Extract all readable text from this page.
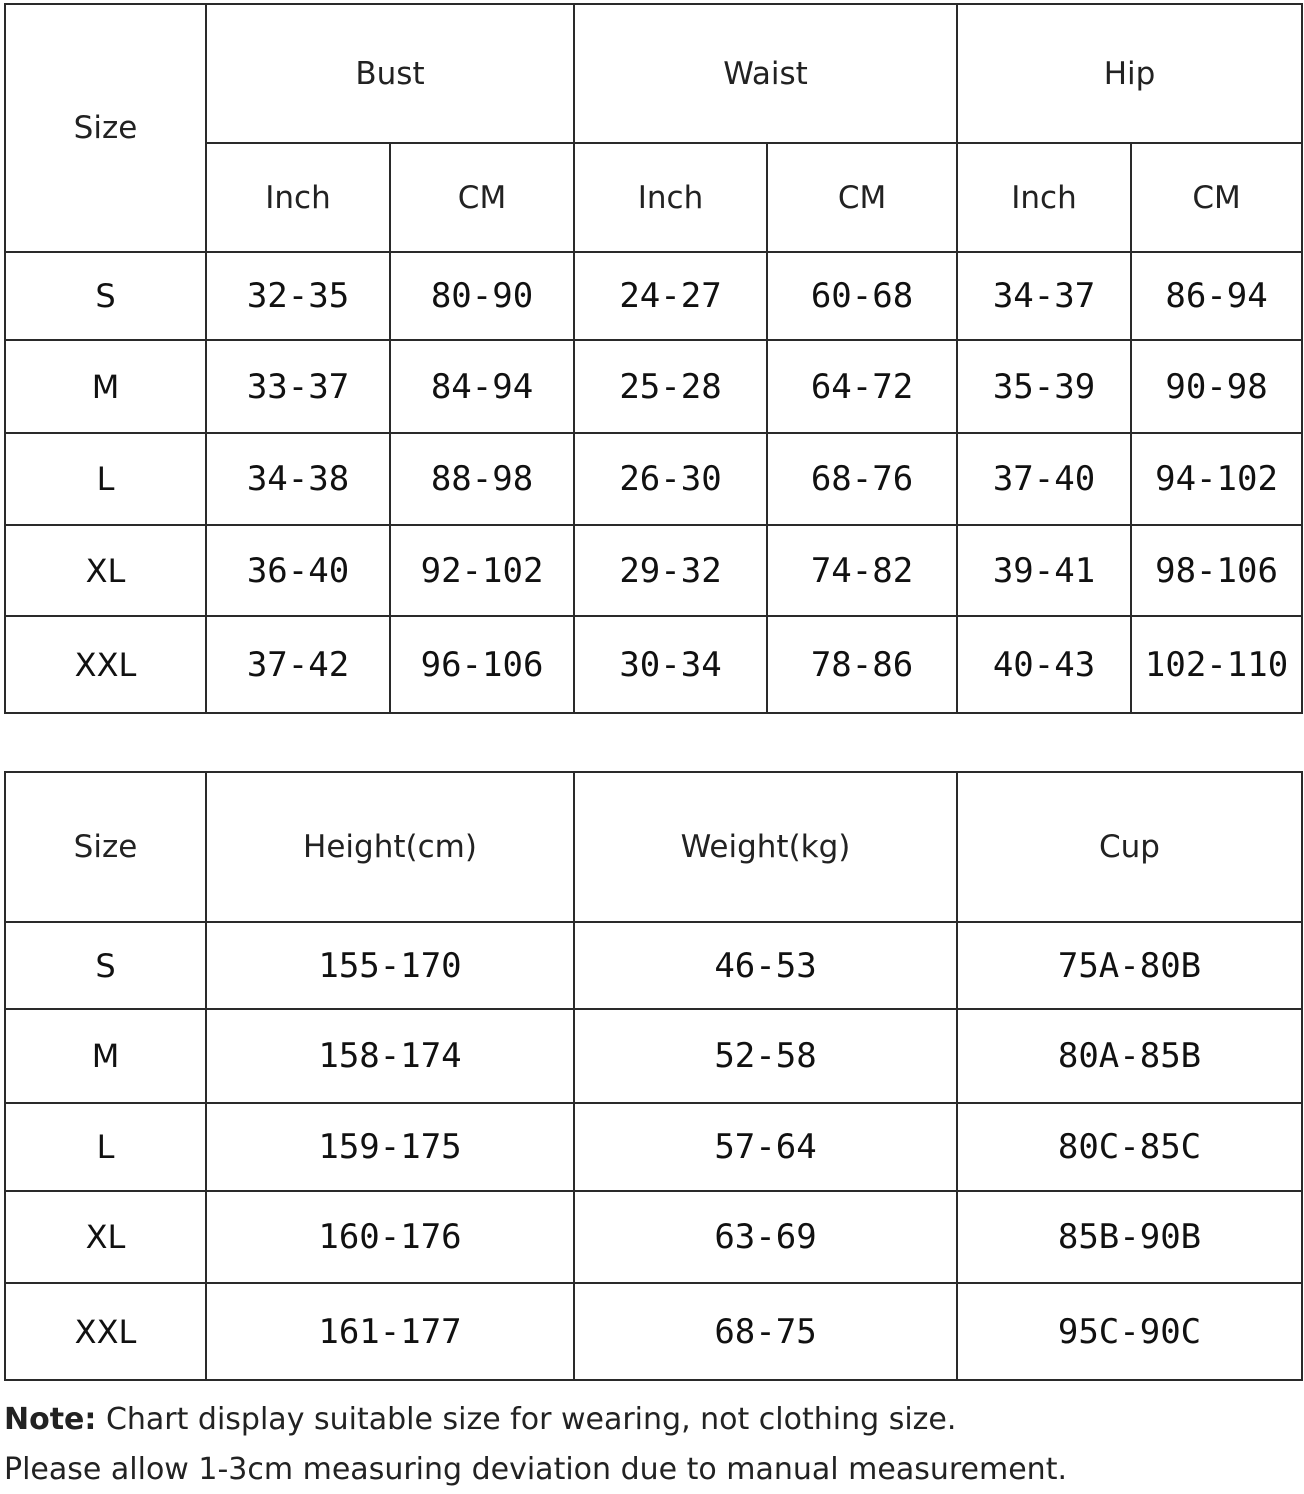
Size	Bust		Waist		Hip	
	Inch	CM	Inch	CM	Inch	CM
S	32-35	80-90	24-27	60-68	34-37	86-94
M	33-37	84-94	25-28	64-72	35-39	90-98
L	34-38	88-98	26-30	68-76	37-40	94-102
XL	36-40	92-102	29-32	74-82	39-41	98-106
XXL	37-42	96-106	30-34	78-86	40-43	102-110
Size	Height(cm)	Weight(kg)	Cup
S	155-170	46-53	75A-80B
M	158-174	52-58	80A-85B
L	159-175	57-64	80C-85C
XL	160-176	63-69	85B-90B
XXL	161-177	68-75	95C-90C
Note: Chart display suitable size for wearing, not clothing size.
Please allow 1-3cm measuring deviation due to manual measurement.
